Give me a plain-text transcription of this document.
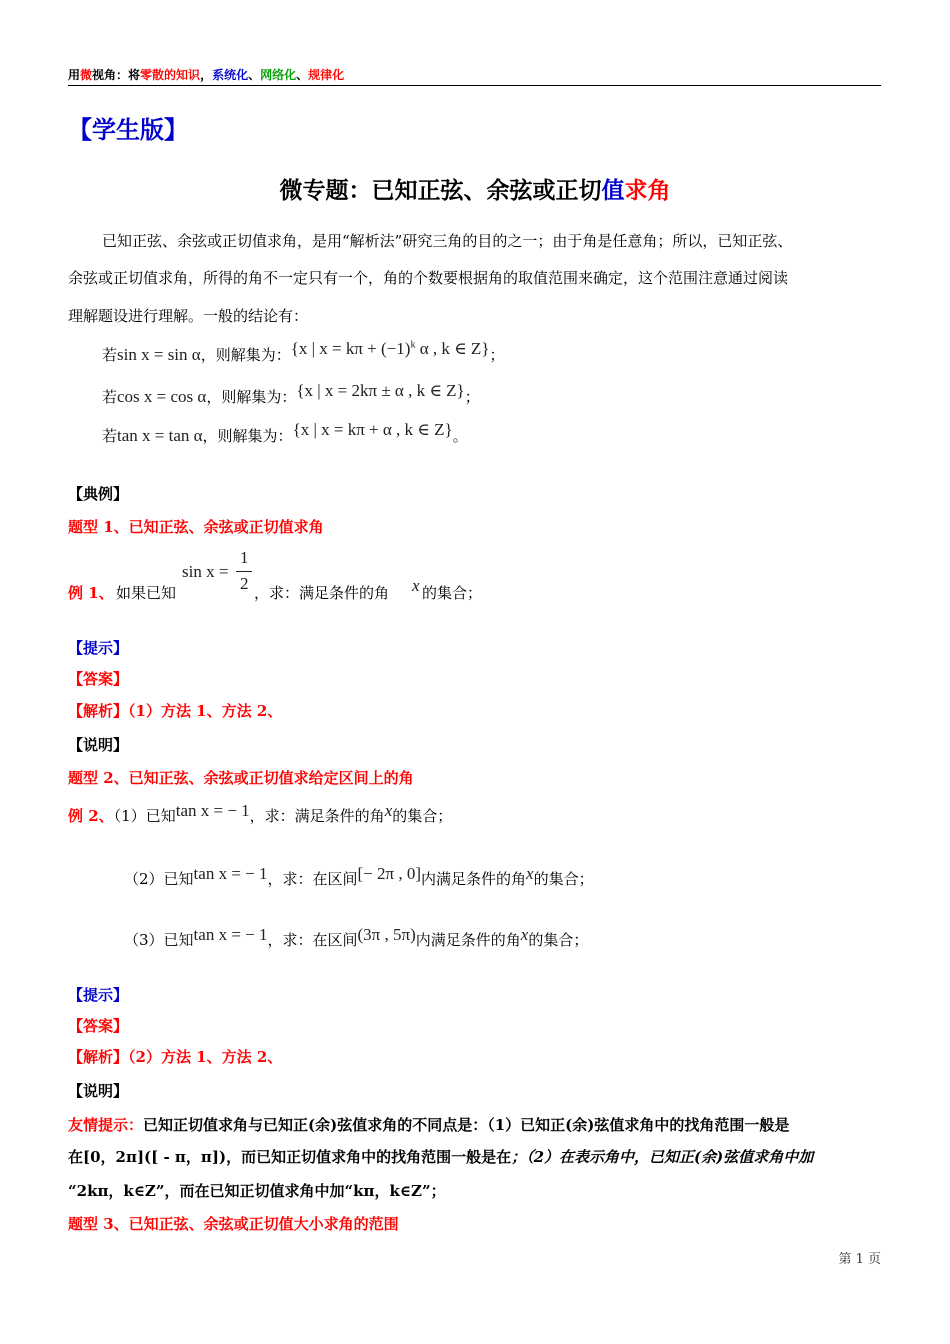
用微视角：将零散的知识，系统化、网络化、规律化
【学生版】
微专题：已知正弦、余弦或正切值求角
已知正弦、余弦或正切值求角，是用“解析法”研究三角的目的之一；由于角是任意角；所以，已知正弦、
余弦或正切值求角，所得的角不一定只有一个，角的个数要根据角的取值范围来确定，这个范围注意通过阅读
理解题设进行理解。一般的结论有：
若sin x = sin α，则解集为：{x | $x = k\pi + (-1)^k$ α , k ∈ Z}；
若cos x = cos α，则解集为：{x | x = 2kπ ± α , k ∈ Z}；
若tan x = tan α，则解集为：{x | x = kπ + α , k ∈ Z}。
【典例】
题型 1、已知正弦、余弦或正切值求角
例 1、 如果已知
sin x =
1
2 ，求：满足条件的角 x 的集合；
【提示】
【答案】
【解析】（1）方法 1、方法 2、
【说明】
题型 2、已知正弦、余弦或正切值求给定区间上的角
例 2、（1）已知tan x = − 1，求：满足条件的角x的集合；
（2）已知tan x = − 1，求：在区间[− 2π , 0]内满足条件的角x的集合；
（3）已知tan x = − 1，求：在区间(3π , 5π)内满足条件的角x的集合；
【提示】
【答案】
【解析】（2）方法 1、方法 2、
【说明】
友情提示：已知正切值求角与已知正(余)弦值求角的不同点是：（1）已知正(余)弦值求角中的找角范围一般是
在[0，2π]([ - π，π])，而已知正切值求角中的找角范围一般是在；（2）在表示角中，已知正(余)弦值求角中加
“2kπ，k∈Z”，而在已知正切值求角中加“kπ，k∈Z”；
题型 3、已知正弦、余弦或正切值大小求角的范围
第 1 页
